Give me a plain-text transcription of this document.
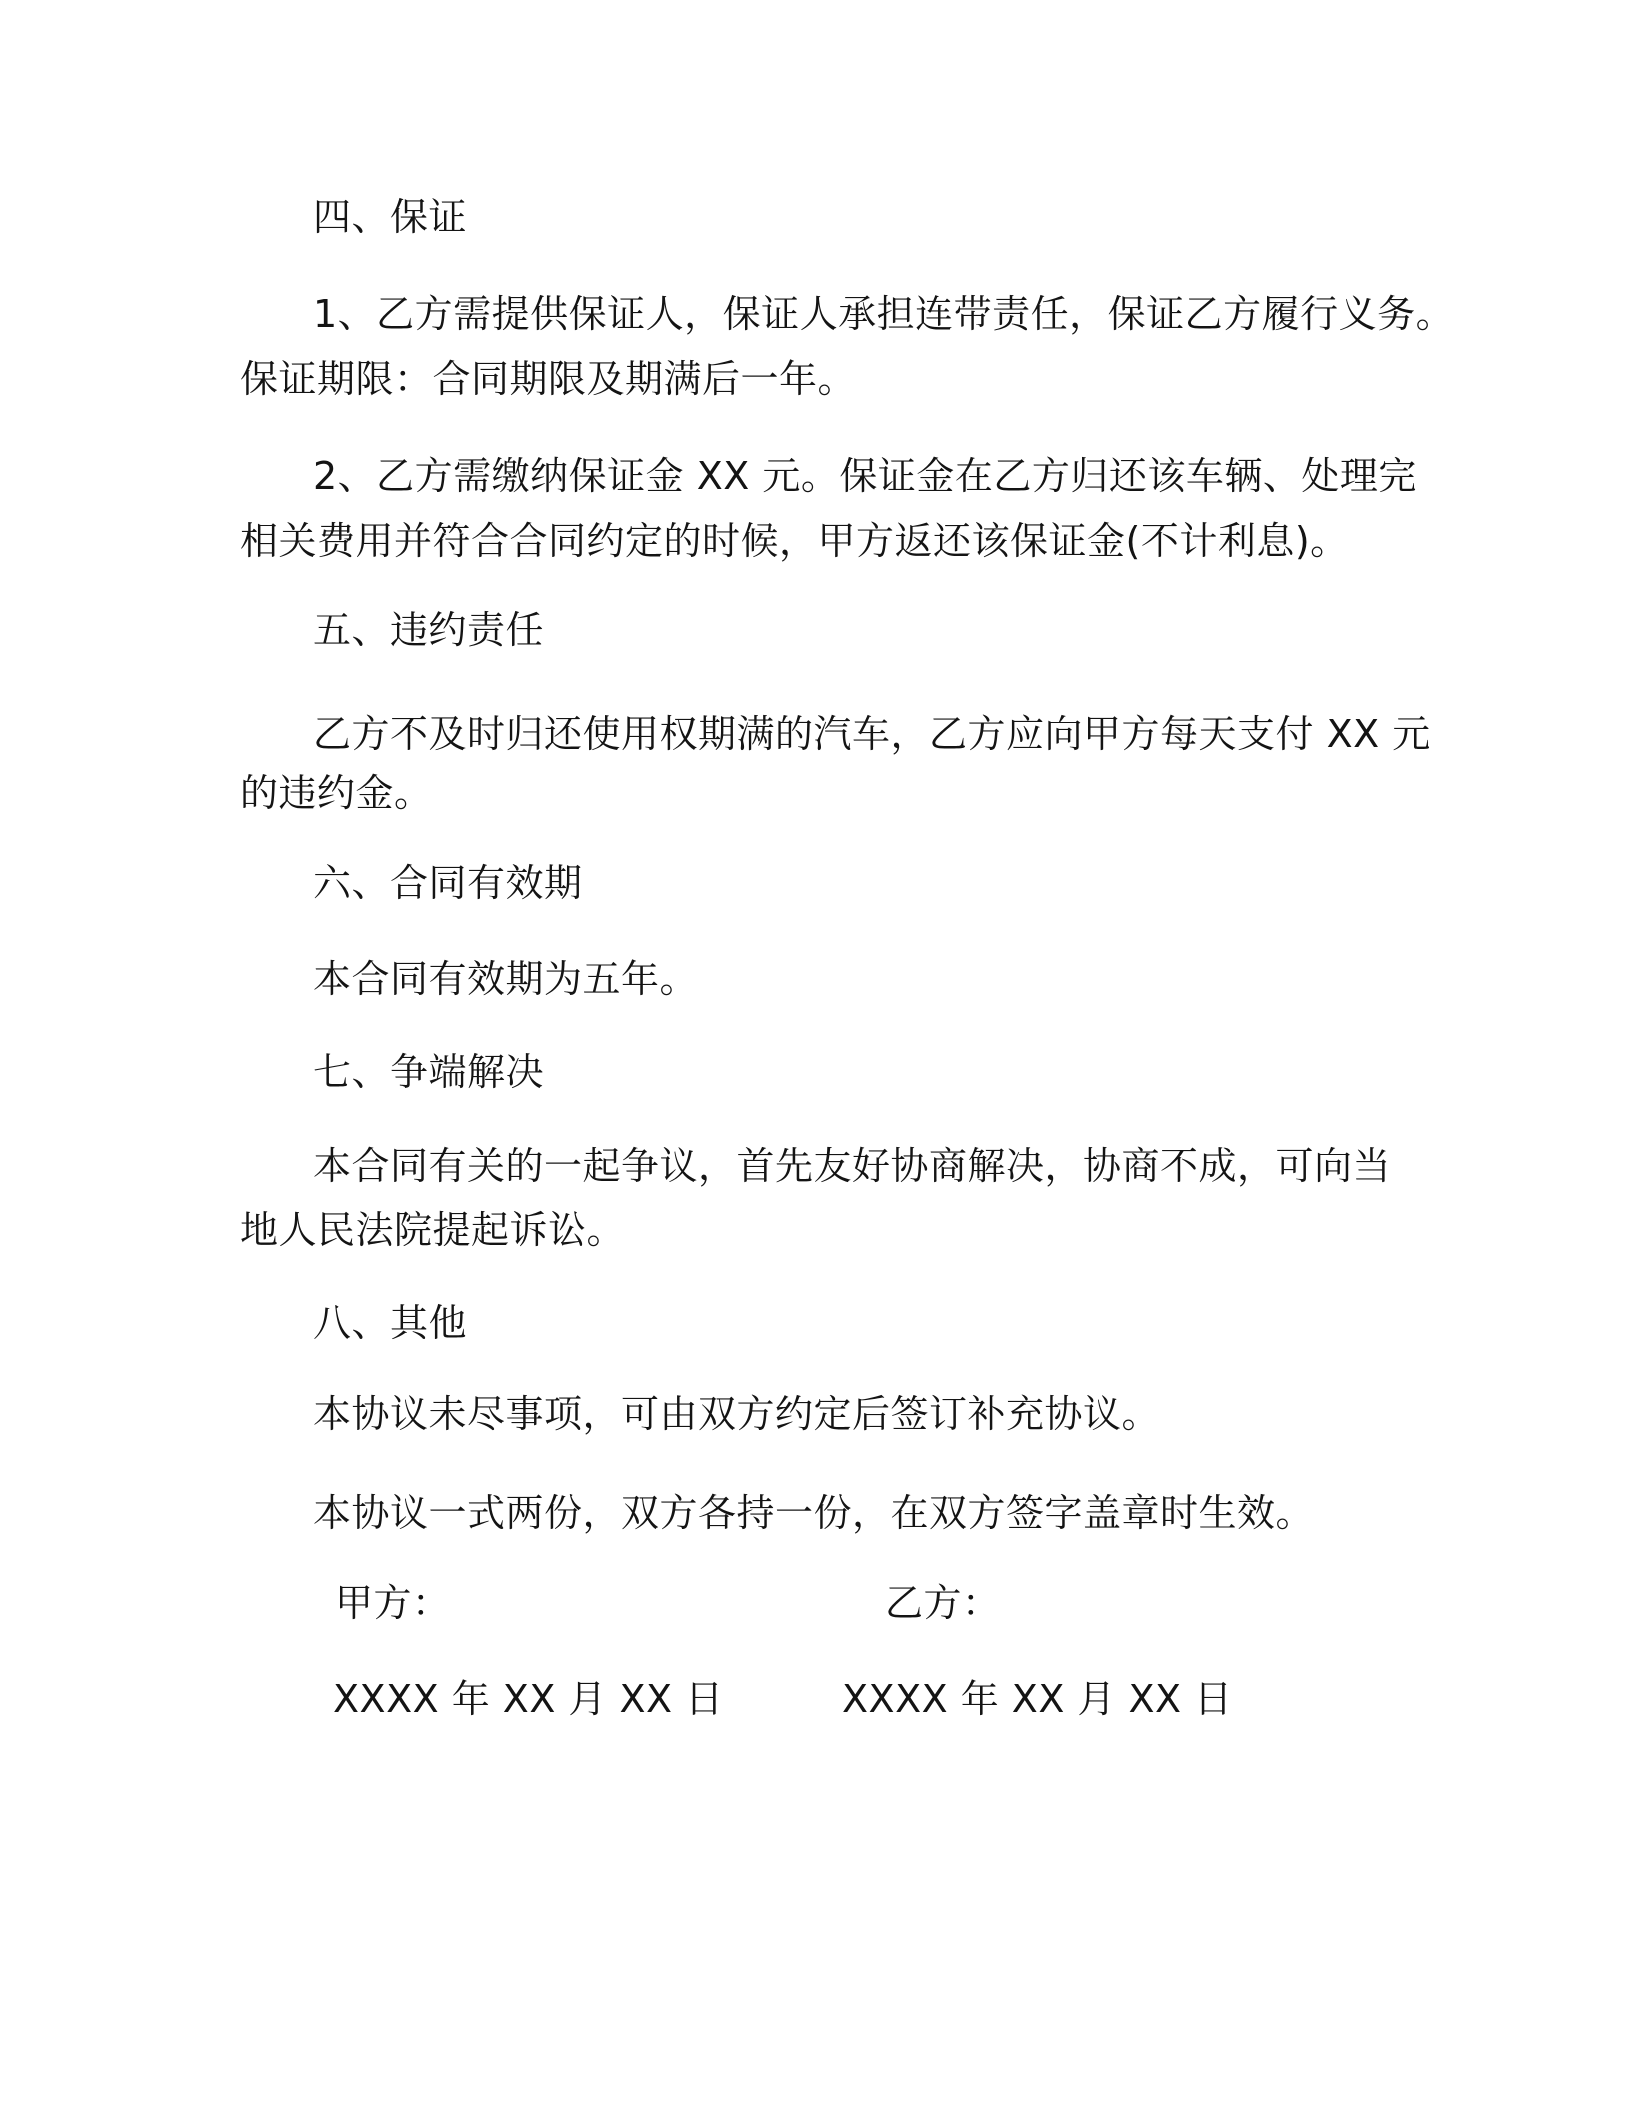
四、保证
1、乙方需提供保证人，保证人承担连带责任，保证乙方履行义务。
保证期限：合同期限及期满后一年。
2、乙方需缴纳保证金 XX 元。保证金在乙方归还该车辆、处理完
相关费用并符合合同约定的时候，甲方返还该保证金(不计利息)。
五、违约责任
乙方不及时归还使用权期满的汽车，乙方应向甲方每天支付 XX 元
的违约金。
六、合同有效期
本合同有效期为五年。
七、争端解决
本合同有关的一起争议，首先友好协商解决，协商不成，可向当
地人民法院提起诉讼。
八、其他
本协议未尽事项，可由双方约定后签订补充协议。
本协议一式两份，双方各持一份，在双方签字盖章时生效。
甲方：	乙方：
XXXX 年 XX 月 XX 日	XXXX 年 XX 月 XX 日
